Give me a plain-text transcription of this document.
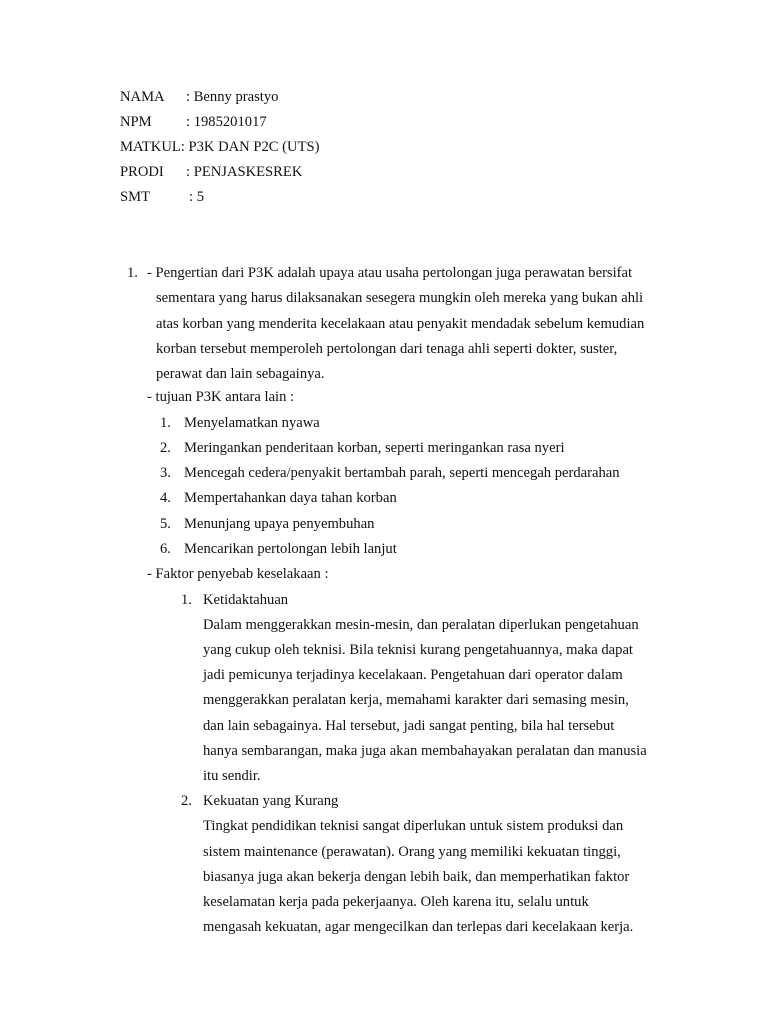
NAMA : Benny prastyo
NPM : 1985201017
MATKUL: P3K DAN P2C (UTS)
PRODI : PENJASKESREK
SMT	: 5
1. - Pengertian dari P3K adalah upaya atau usaha pertolongan juga perawatan bersifat
sementara yang harus dilaksanakan sesegera mungkin oleh mereka yang bukan ahli
atas korban yang menderita kecelakaan atau penyakit mendadak sebelum kemudian
korban tersebut memperoleh pertolongan dari tenaga ahli seperti dokter, suster,
perawat dan lain sebagainya.
- tujuan P3K antara lain :
1. Menyelamatkan nyawa
2. Meringankan penderitaan korban, seperti meringankan rasa nyeri
3. Mencegah cedera/penyakit bertambah parah, seperti mencegah perdarahan
4. Mempertahankan daya tahan korban
5. Menunjang upaya penyembuhan
6. Mencarikan pertolongan lebih lanjut
- Faktor penyebab keselakaan :
1. Ketidaktahuan
Dalam menggerakkan mesin-mesin, dan peralatan diperlukan pengetahuan
yang cukup oleh teknisi. Bila teknisi kurang pengetahuannya, maka dapat
jadi pemicunya terjadinya kecelakaan. Pengetahuan dari operator dalam
menggerakkan peralatan kerja, memahami karakter dari semasing mesin,
dan lain sebagainya. Hal tersebut, jadi sangat penting, bila hal tersebut
hanya sembarangan, maka juga akan membahayakan peralatan dan manusia
itu sendir.
2. Kekuatan yang Kurang
Tingkat pendidikan teknisi sangat diperlukan untuk sistem produksi dan
sistem maintenance (perawatan). Orang yang memiliki kekuatan tinggi,
biasanya juga akan bekerja dengan lebih baik, dan memperhatikan faktor
keselamatan kerja pada pekerjaanya. Oleh karena itu, selalu untuk
mengasah kekuatan, agar mengecilkan dan terlepas dari kecelakaan kerja.
